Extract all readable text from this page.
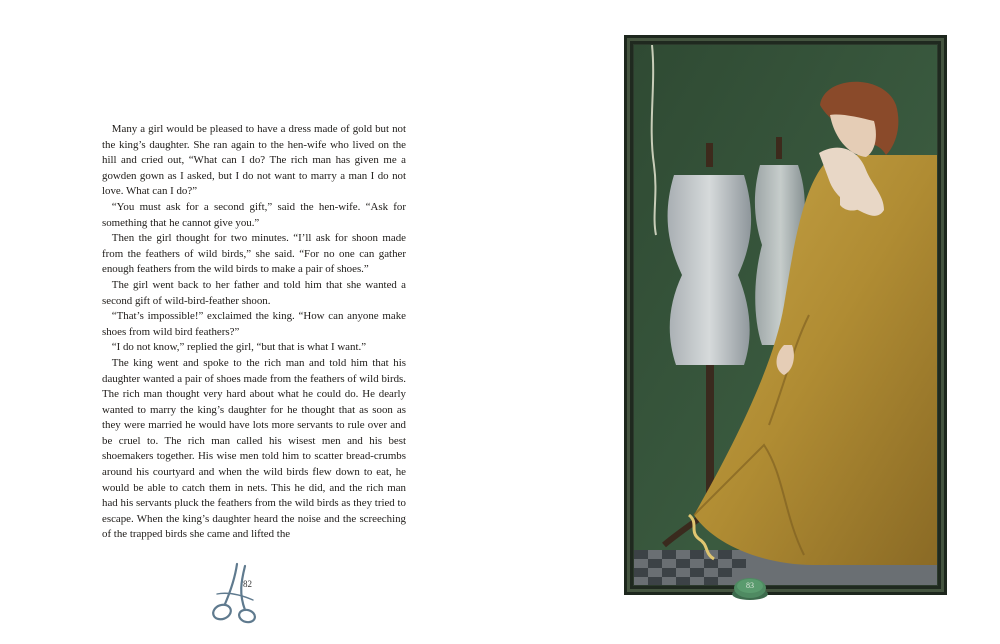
Many a girl would be pleased to have a dress made of gold but not the king’s daughter. She ran again to the hen-wife who lived on the hill and cried out, “What can I do? The rich man has given me a gowden gown as I asked, but I do not want to marry a man I do not love. What can I do?”

“You must ask for a second gift,” said the hen-wife. “Ask for something that he cannot give you.”

Then the girl thought for two minutes. “I’ll ask for shoon made from the feathers of wild birds,” she said. “For no one can gather enough feathers from the wild birds to make a pair of shoes.”

The girl went back to her father and told him that she wanted a second gift of wild-bird-feather shoon.

“That’s impossible!” exclaimed the king. “How can anyone make shoes from wild bird feathers?”

“I do not know,” replied the girl, “but that is what I want.”

The king went and spoke to the rich man and told him that his daughter wanted a pair of shoes made from the feathers of wild birds. The rich man thought very hard about what he could do. He dearly wanted to marry the king’s daughter for he thought that as soon as they were married he would have lots more servants to rule over and be cruel to. The rich man called his wisest men and his best shoemakers together. His wise men told him to scatter bread-crumbs around his courtyard and when the wild birds flew down to eat, he would be able to catch them in nets. This he did, and the rich man had his servants pluck the feathers from the wild birds as they tried to escape. When the king’s daughter heard the noise and the screeching of the trapped birds she came and lifted the

82	83
